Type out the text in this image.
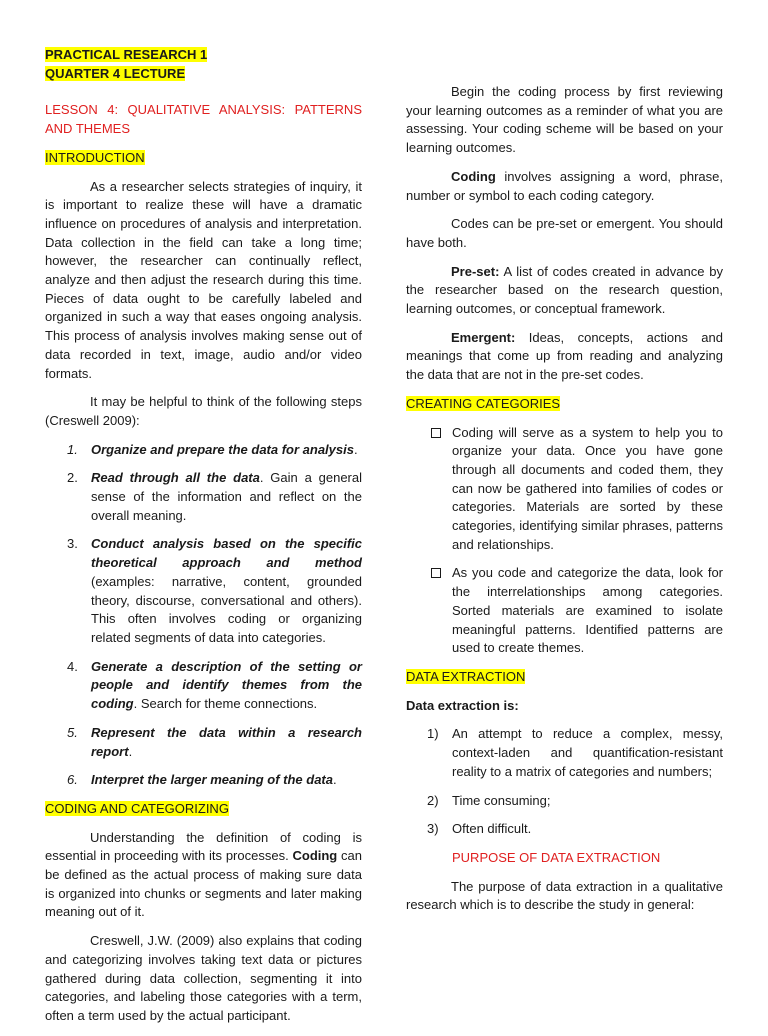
PRACTICAL RESEARCH 1
QUARTER 4 LECTURE

LESSON 4: QUALITATIVE ANALYSIS: PATTERNS AND THEMES

INTRODUCTION

As a researcher selects strategies of inquiry, it is important to realize these will have a dramatic influence on procedures of analysis and interpretation. Data collection in the field can take a long time; however, the researcher can continually reflect, analyze and then adjust the research during this time. Pieces of data ought to be carefully labeled and organized in such a way that eases ongoing analysis. This process of analysis involves making sense out of data recorded in text, image, audio and/or video formats.

It may be helpful to think of the following steps (Creswell 2009):

1. Organize and prepare the data for analysis.
2. Read through all the data. Gain a general sense of the information and reflect on the overall meaning.
3. Conduct analysis based on the specific theoretical approach and method (examples: narrative, content, grounded theory, discourse, conversational and others). This often involves coding or organizing related segments of data into categories.
4. Generate a description of the setting or people and identify themes from the coding. Search for theme connections.
5. Represent the data within a research report.
6. Interpret the larger meaning of the data.

CODING AND CATEGORIZING

Understanding the definition of coding is essential in proceeding with its processes. Coding can be defined as the actual process of making sure data is organized into chunks or segments and later making meaning out of it.

Creswell, J.W. (2009) also explains that coding and categorizing involves taking text data or pictures gathered during data collection, segmenting it into categories, and labeling those categories with a term, often a term used by the actual participant.

Begin the coding process by first reviewing your learning outcomes as a reminder of what you are assessing. Your coding scheme will be based on your learning outcomes.

Coding involves assigning a word, phrase, number or symbol to each coding category.

Codes can be pre-set or emergent. You should have both.

Pre-set: A list of codes created in advance by the researcher based on the research question, learning outcomes, or conceptual framework.

Emergent: Ideas, concepts, actions and meanings that come up from reading and analyzing the data that are not in the pre-set codes.

CREATING CATEGORIES

Coding will serve as a system to help you to organize your data. Once you have gone through all documents and coded them, they can now be gathered into families of codes or categories. Materials are sorted by these categories, identifying similar phrases, patterns and relationships.
As you code and categorize the data, look for the interrelationships among categories. Sorted materials are examined to isolate meaningful patterns. Identified patterns are used to create themes.

DATA EXTRACTION

Data extraction is:

1) An attempt to reduce a complex, messy, context-laden and quantification-resistant reality to a matrix of categories and numbers;
2) Time consuming;
3) Often difficult.

PURPOSE OF DATA EXTRACTION

The purpose of data extraction in a qualitative research which is to describe the study in general:
